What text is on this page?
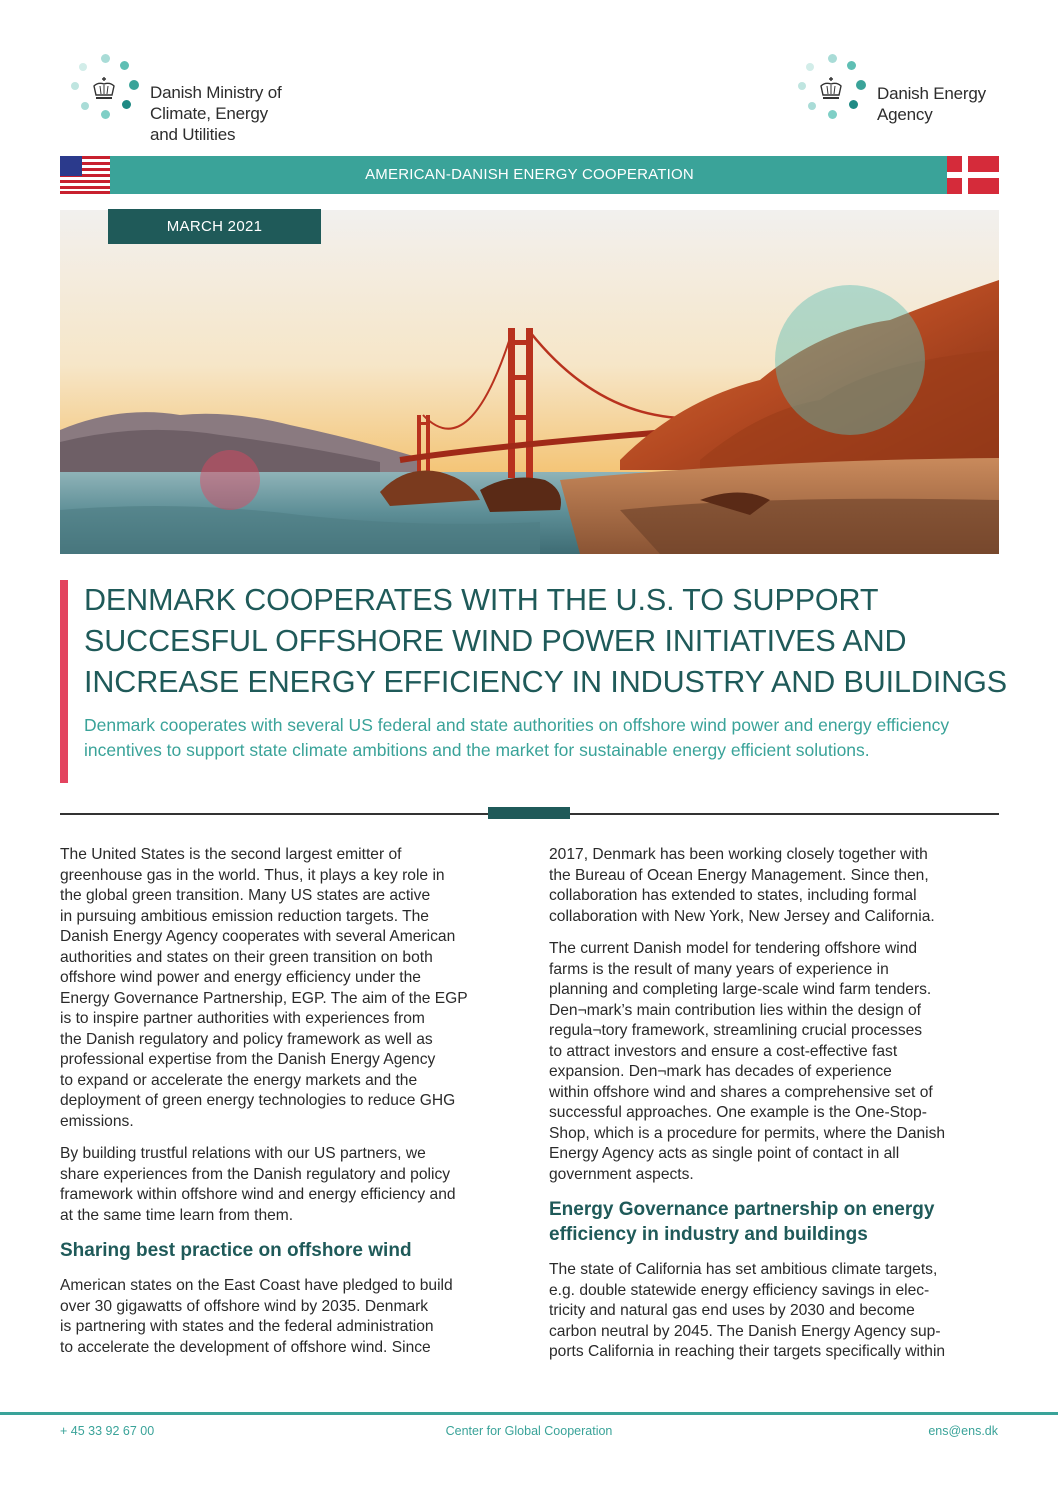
Danish Ministry of
Climate, Energy
and Utilities
Danish Energy
Agency
AMERICAN-DANISH ENERGY COOPERATION
MARCH 2021
DENMARK COOPERATES WITH THE U.S. TO SUPPORT
SUCCESFUL OFFSHORE WIND POWER INITIATIVES AND
INCREASE ENERGY EFFICIENCY IN INDUSTRY AND BUILDINGS
Denmark cooperates with several US federal and state authorities on offshore wind power and energy efficiency incentives to support state climate ambitions and the market for sustainable energy efficient solutions.

The United States is the second largest emitter of
greenhouse gas in the world. Thus, it plays a key role in
the global green transition. Many US states are active
in pursuing ambitious emission reduction targets. The
Danish Energy Agency cooperates with several American
authorities and states on their green transition on both
offshore wind power and energy efficiency under the
Energy Governance Partnership, EGP. The aim of the EGP
is to inspire partner authorities with experiences from
the Danish regulatory and policy framework as well as
professional expertise from the Danish Energy Agency
to expand or accelerate the energy markets and the
deployment of green energy technologies to reduce GHG
emissions.

By building trustful relations with our US partners, we
share experiences from the Danish regulatory and policy
framework within offshore wind and energy efficiency and
at the same time learn from them.

Sharing best practice on offshore wind

American states on the East Coast have pledged to build
over 30 gigawatts of offshore wind by 2035. Denmark
is partnering with states and the federal administration
to accelerate the development of offshore wind. Since

2017, Denmark has been working closely together with
the Bureau of Ocean Energy Management. Since then,
collaboration has extended to states, including formal
collaboration with New York, New Jersey and California.

The current Danish model for tendering offshore wind
farms is the result of many years of experience in
planning and completing large-scale wind farm tenders.
Den¬mark’s main contribution lies within the design of
regula¬tory framework, streamlining crucial processes
to attract investors and ensure a cost-effective fast
expansion. Den¬mark has decades of experience
within offshore wind and shares a comprehensive set of
successful approaches. One example is the One-Stop-
Shop, which is a procedure for permits, where the Danish
Energy Agency acts as single point of contact in all
government aspects.

Energy Governance partnership on energy
efficiency in industry and buildings

The state of California has set ambitious climate targets,
e.g. double statewide energy efficiency savings in elec-
tricity and natural gas end uses by 2030 and become
carbon neutral by 2045. The Danish Energy Agency sup-
ports California in reaching their targets specifically within

+ 45 33 92 67 00	Center for Global Cooperation	ens@ens.dk
